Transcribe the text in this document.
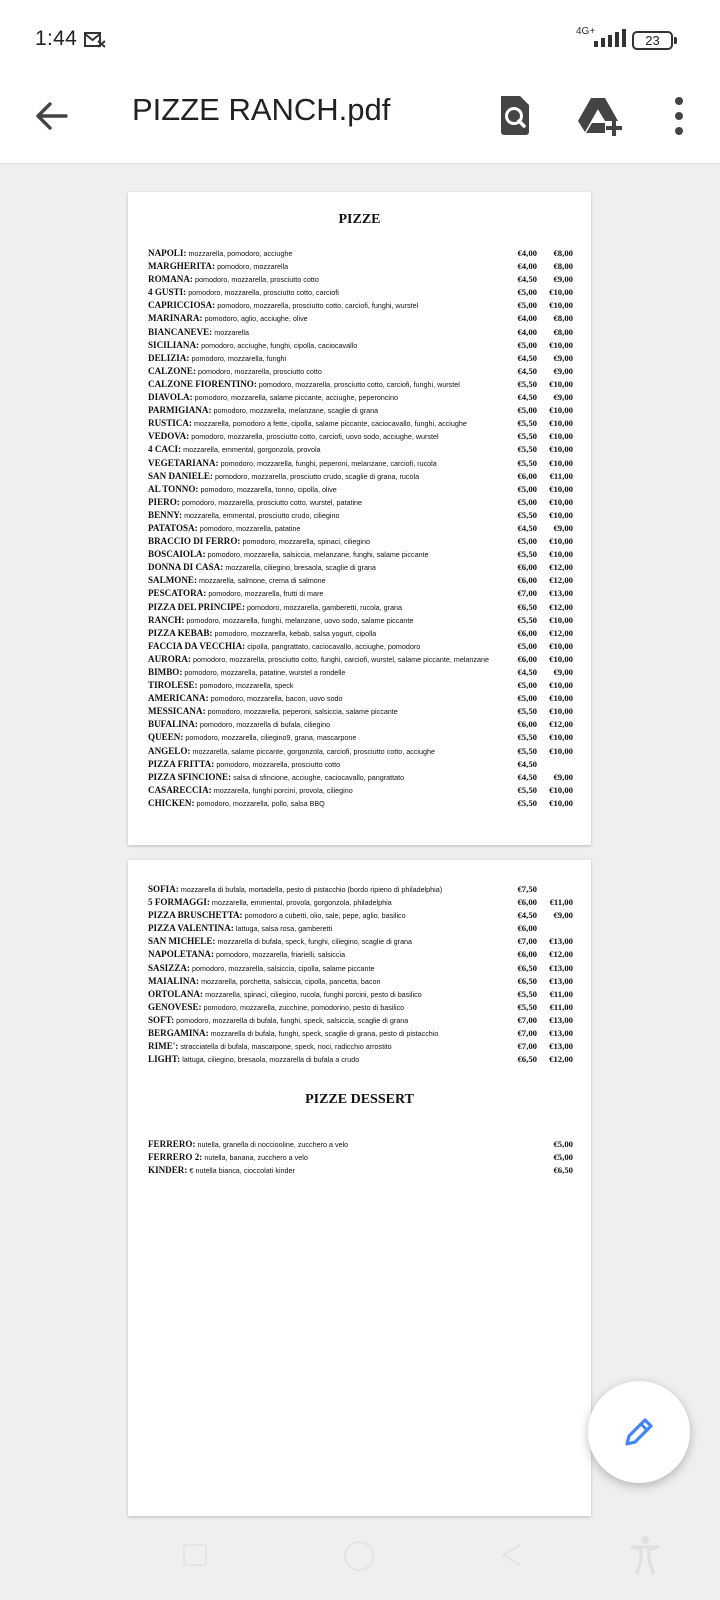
1:44	4G+
23
PIZZE RANCH.pdf
PIZZE
NAPOLI: mozzarella, pomodoro, acciughe	€4,00	€8,00
MARGHERITA: pomodoro, mozzarella	€4,00	€8,00
ROMANA: pomodoro, mozzarella, prosciutto cotto	€4,50	€9,00
4 GUSTI: pomodoro, mozzarella, prosciutto cotto, carciofi	€5,00	€10,00
CAPRICCIOSA: pomodoro, mozzarella, prosciutto cotto, carciofi, funghi, wurstel	€5,00	€10,00
MARINARA: pomodoro, aglio, acciughe, olive	€4,00	€8,00
BIANCANEVE: mozzarella	€4,00	€8,00
SICILIANA: pomodoro, acciughe, funghi, cipolla, caciocavallo	€5,00	€10,00
DELIZIA: pomodoro, mozzarella, funghi	€4,50	€9,00
CALZONE: pomodoro, mozzarella, prosciutto cotto	€4,50	€9,00
CALZONE FIORENTINO: pomodoro, mozzarella, prosciutto cotto, carciofi, funghi, wurstel	€5,50	€10,00
DIAVOLA: pomodoro, mozzarella, salame piccante, acciughe, peperoncino	€4,50	€9,00
PARMIGIANA: pomodoro, mozzarella, melanzane, scaglie di grana	€5,00	€10,00
RUSTICA: mozzarella, pomodoro a fette, cipolla, salame piccante, caciocavallo, funghi, acciughe	€5,50	€10,00
VEDOVA: pomodoro, mozzarella, prosciutto cotto, carciofi, uovo sodo, acciughe, wurstel	€5,50	€10,00
4 CACI: mozzarella, emmental, gorgonzola, provola	€5,50	€10,00
VEGETARIANA: pomodoro, mozzarella, funghi, peperoni, melanzane, carciofi, rucola	€5,50	€10,00
SAN DANIELE: pomodoro, mozzarella, prosciutto crudo, scaglie di grana, rucola	€6,00	€11,00
AL TONNO: pomodoro, mozzarella, tonno, cipolla, olive	€5,00	€10,00
PIERO: pomodoro, mozzarella, prosciutto cotto, wurstel, patatine	€5,00	€10,00
BENNY: mozzarella, emmental, prosciutto crudo, ciliegino	€5,50	€10,00
PATATOSA: pomodoro, mozzarella, patatine	€4,50	€9,00
BRACCIO DI FERRO: pomodoro, mozzarella, spinaci, ciliegino	€5,00	€10,00
BOSCAIOLA: pomodoro, mozzarella, salsiccia, melanzane, funghi, salame piccante	€5,50	€10,00
DONNA DI CASA: mozzarella, ciliegino, bresaola, scaglie di grana	€6,00	€12,00
SALMONE: mozzarella, salmone, crema di salmone	€6,00	€12,00
PESCATORA: pomodoro, mozzarella, frutti di mare	€7,00	€13,00
PIZZA DEL PRINCIPE: pomodoro, mozzarella, gamberetti, rucola, grana	€6,50	€12,00
RANCH: pomodoro, mozzarella, funghi, melanzane, uovo sodo, salame piccante	€5,50	€10,00
PIZZA KEBAB: pomodoro, mozzarella, kebab, salsa yogurt, cipolla	€6,00	€12,00
FACCIA DA VECCHIA: cipolla, pangrattato, caciocavallo, acciughe, pomodoro	€5,00	€10,00
AURORA: pomodoro, mozzarella, prosciutto cotto, funghi, carciofi, wurstel, salame piccante, melanzane	€6,00	€10,00
BIMBO: pomodoro, mozzarella, patatine, wurstel a rondelle	€4,50	€9,00
TIROLESE: pomodoro, mozzarella, speck	€5,00	€10,00
AMERICANA: pomodoro, mozzarella, bacon, uovo sodo	€5,00	€10,00
MESSICANA: pomodoro, mozzarella, peperoni, salsiccia, salame piccante	€5,50	€10,00
BUFALINA: pomodoro, mozzarella di bufala, ciliegino	€6,00	€12,00
QUEEN: pomodoro, mozzarella, ciliegino9, grana, mascarpone	€5,50	€10,00
ANGELO: mozzarella, salame piccante, gorgonzola, carciofi, prosciutto cotto, acciughe	€5,50	€10,00
PIZZA FRITTA: pomodoro, mozzarella, prosciutto cotto	€4,50
PIZZA SFINCIONE: salsa di sfincione, acciughe, caciocavallo, pangrattato	€4,50	€9,00
CASARECCIA: mozzarella, funghi porcini, provola, ciliegino	€5,50	€10,00
CHICKEN: pomodoro, mozzarella, pollo, salsa BBQ	€5,50	€10,00
SOFIA: mozzarella di bufala, mortadella, pesto di pistacchio (bordo ripieno di philadelphia)	€7,50
5 FORMAGGI: mozzarella, emmental, provola, gorgonzola, philadelphia	€6,00	€11,00
PIZZA BRUSCHETTA: pomodoro a cubetti, olio, sale, pepe, aglio, basilico	€4,50	€9,00
PIZZA VALENTINA: lattuga, salsa rosa, gamberetti	€6,00
SAN MICHELE: mozzarella di bufala, speck, funghi, ciliegino, scaglie di grana	€7,00	€13,00
NAPOLETANA: pomodoro, mozzarella, friarielli, salsiccia	€6,00	€12,00
SASIZZA: pomodoro, mozzarella, salsiccia, cipolla, salame piccante	€6,50	€13,00
MAIALINA: mozzarella, porchetta, salsiccia, cipolla, pancetta, bacon	€6,50	€13,00
ORTOLANA: mozzarella, spinaci, ciliegino, rucola, funghi porcini, pesto di basilico	€5,50	€11,00
GENOVESE: pomodoro, mozzarella, zucchine, pomodorino, pesto di basilico	€5,50	€11,00
SOFT: pomodoro, mozzarella di bufala, funghi, speck, salsiccia, scaglie di grana	€7,00	€13,00
BERGAMINA: mozzarella di bufala, funghi, speck, scaglie di grana, pesto di pistacchio	€7,00	€13,00
RIME': stracciatella di bufala, mascarpone, speck, noci, radicchio arrostito	€7,00	€13,00
LIGHT: lattuga, ciliegino, bresaola, mozzarella di bufala a crudo	€6,50	€12,00
PIZZE DESSERT
FERRERO: nutella, granella di nocciooline, zucchero a velo	€5,00
FERRERO 2: nutella, banana, zucchero a velo	€5,00
KINDER: € nutella bianca, cioccolati kinder	€6,50
